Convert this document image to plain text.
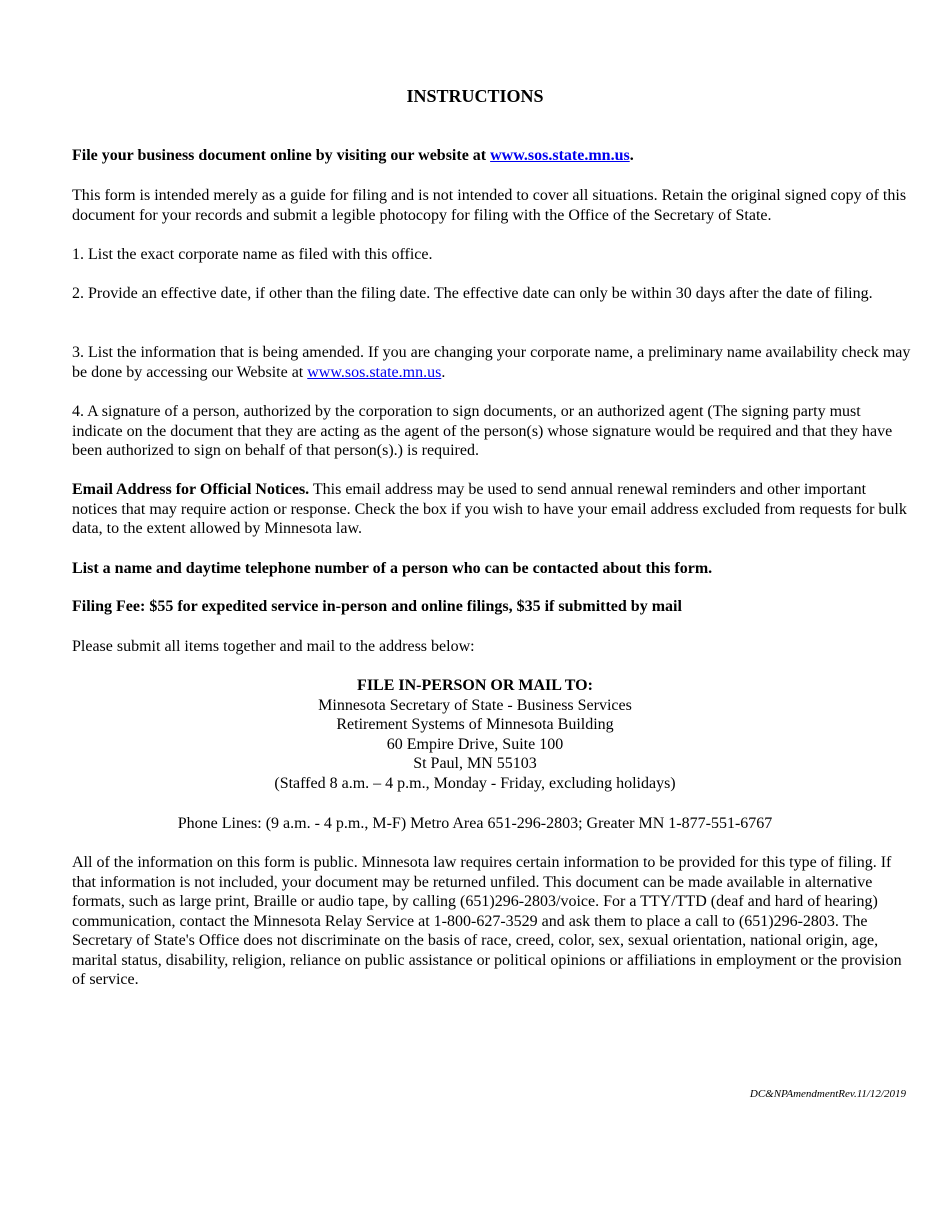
INSTRUCTIONS

File your business document online by visiting our website at www.sos.state.mn.us.

This form is intended merely as a guide for filing and is not intended to cover all situations. Retain the original signed copy of this document for your records and submit a legible photocopy for filing with the Office of the Secretary of State.

1. List the exact corporate name as filed with this office.

2. Provide an effective date, if other than the filing date. The effective date can only be within 30 days after the date of filing.

3. List the information that is being amended. If you are changing your corporate name, a preliminary name availability check may be done by accessing our Website at www.sos.state.mn.us.

4. A signature of a person, authorized by the corporation to sign documents, or an authorized agent (The signing party must indicate on the document that they are acting as the agent of the person(s) whose signature would be required and that they have been authorized to sign on behalf of that person(s).) is required.

Email Address for Official Notices. This email address may be used to send annual renewal reminders and other important notices that may require action or response. Check the box if you wish to have your email address excluded from requests for bulk data, to the extent allowed by Minnesota law.

List a name and daytime telephone number of a person who can be contacted about this form.

Filing Fee: $55 for expedited service in-person and online filings, $35 if submitted by mail

Please submit all items together and mail to the address below:

FILE IN-PERSON OR MAIL TO:
Minnesota Secretary of State - Business Services
Retirement Systems of Minnesota Building
60 Empire Drive, Suite 100
St Paul, MN 55103
(Staffed 8 a.m. – 4 p.m., Monday - Friday, excluding holidays)

Phone Lines: (9 a.m. - 4 p.m., M-F) Metro Area 651-296-2803; Greater MN 1-877-551-6767

All of the information on this form is public. Minnesota law requires certain information to be provided for this type of filing. If that information is not included, your document may be returned unfiled. This document can be made available in alternative formats, such as large print, Braille or audio tape, by calling (651)296-2803/voice. For a TTY/TTD (deaf and hard of hearing) communication, contact the Minnesota Relay Service at 1-800-627-3529 and ask them to place a call to (651)296-2803. The Secretary of State's Office does not discriminate on the basis of race, creed, color, sex, sexual orientation, national origin, age, marital status, disability, religion, reliance on public assistance or political opinions or affiliations in employment or the provision of service.

DC&NPAmendmentRev.11/12/2019
